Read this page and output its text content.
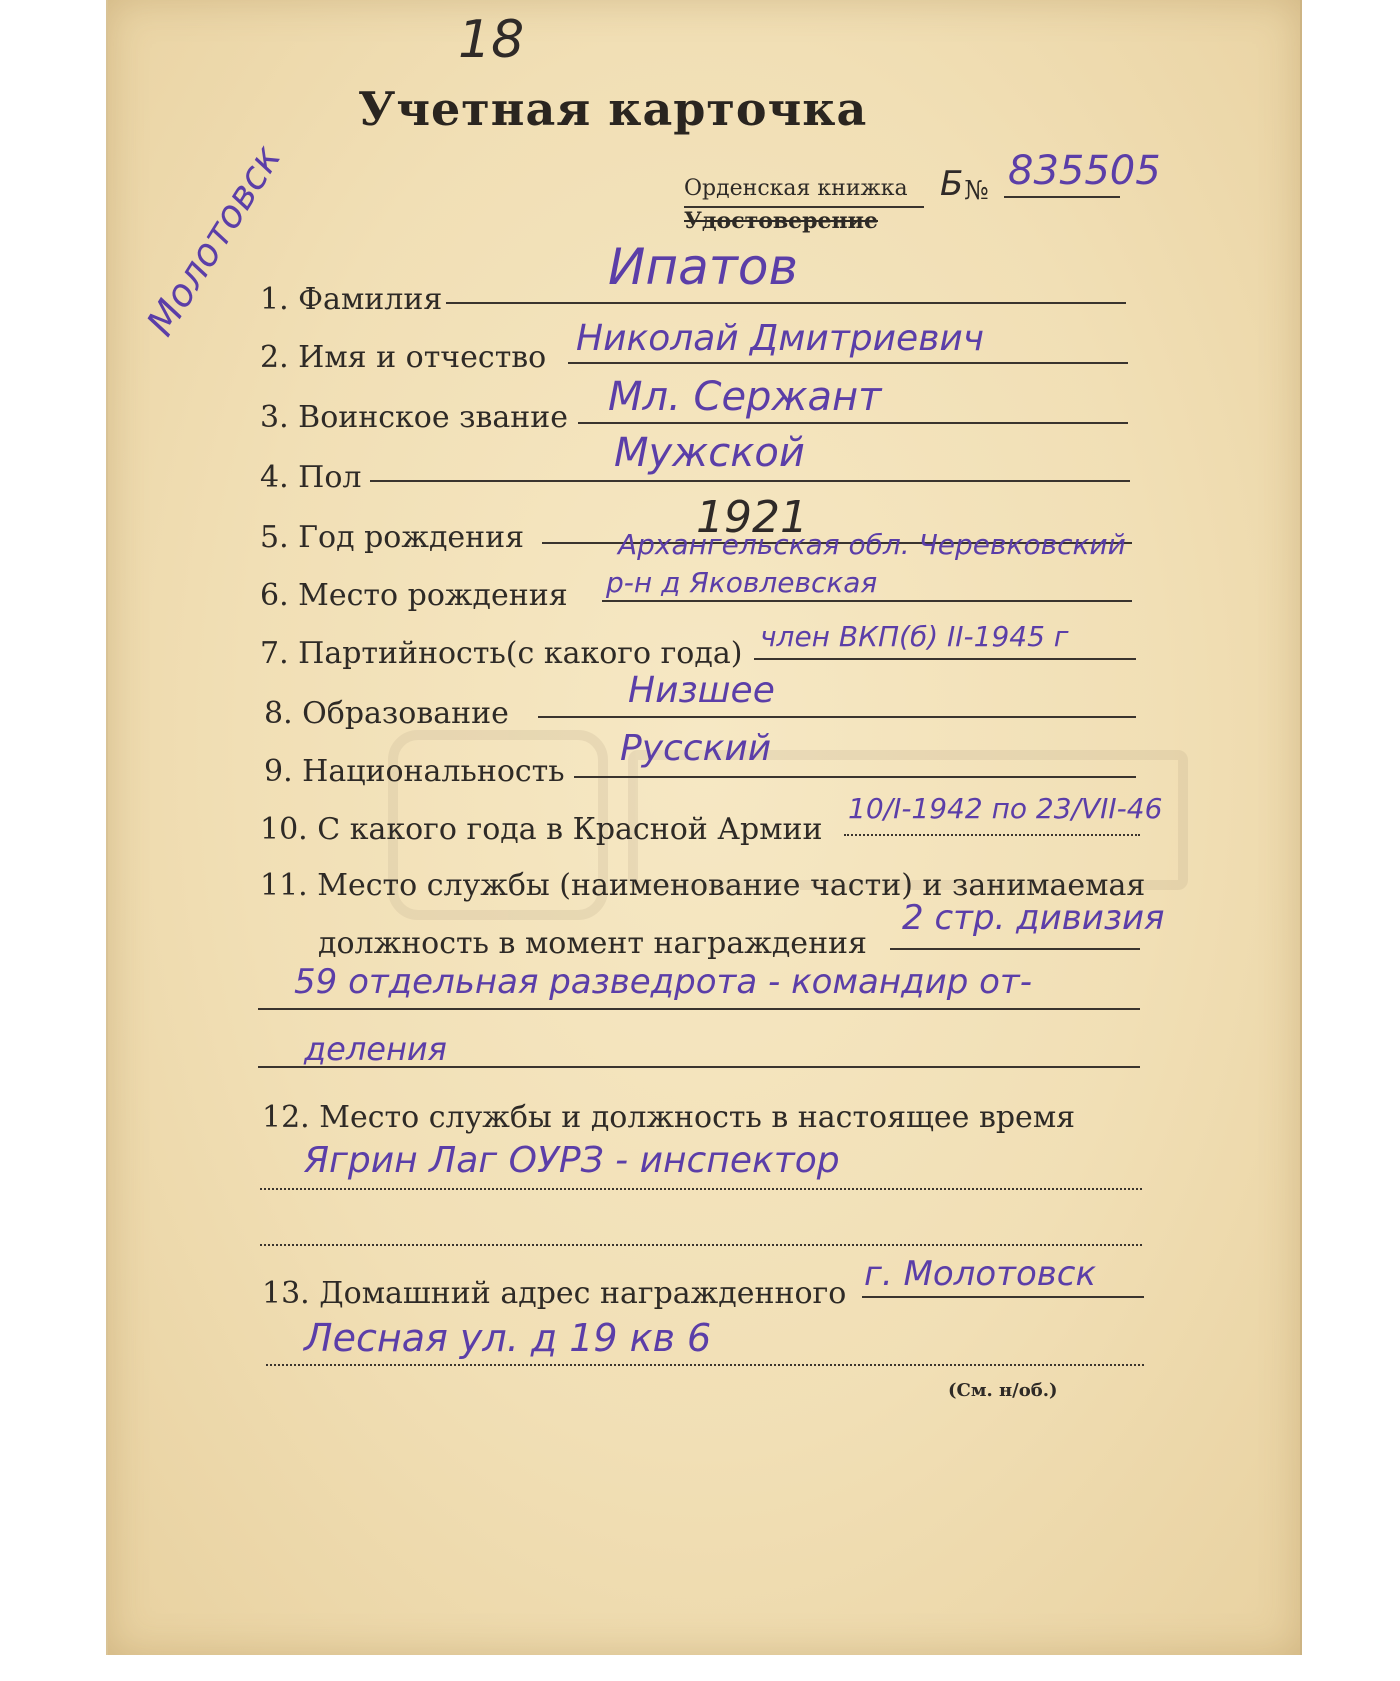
18
Молотовск
Учетная карточка
Орденская книжка
Удостоверение
Б № 835505
1. Фамилия
Ипатов
2. Имя и отчество Николай Дмитриевич
3. Воинское звание Мл. Сержант
4. Пол
Мужской
5. Год рождения	1921
6. Место рождения
Архангельская обл. Черевковский
р-н д Яковлевская
7. Партийность(с какого года) член ВКП(б) II-1945 г
8. Образование
Низшее
9. Национальность
Русский
10. С какого года в Красной Армии
10/I-1942 по 23/VII-46
11. Место службы (наименование части) и занимаемая
должность в момент награждения
2 стр. дивизия
59 отдельная разведрота - командир от-
деления
12. Место службы и должность в настоящее время
Ягрин Лаг ОУРЗ - инспектор
13. Домашний адрес награжденного г. Молотовск
Лесная ул. д 19 кв 6
(См. н/об.)
